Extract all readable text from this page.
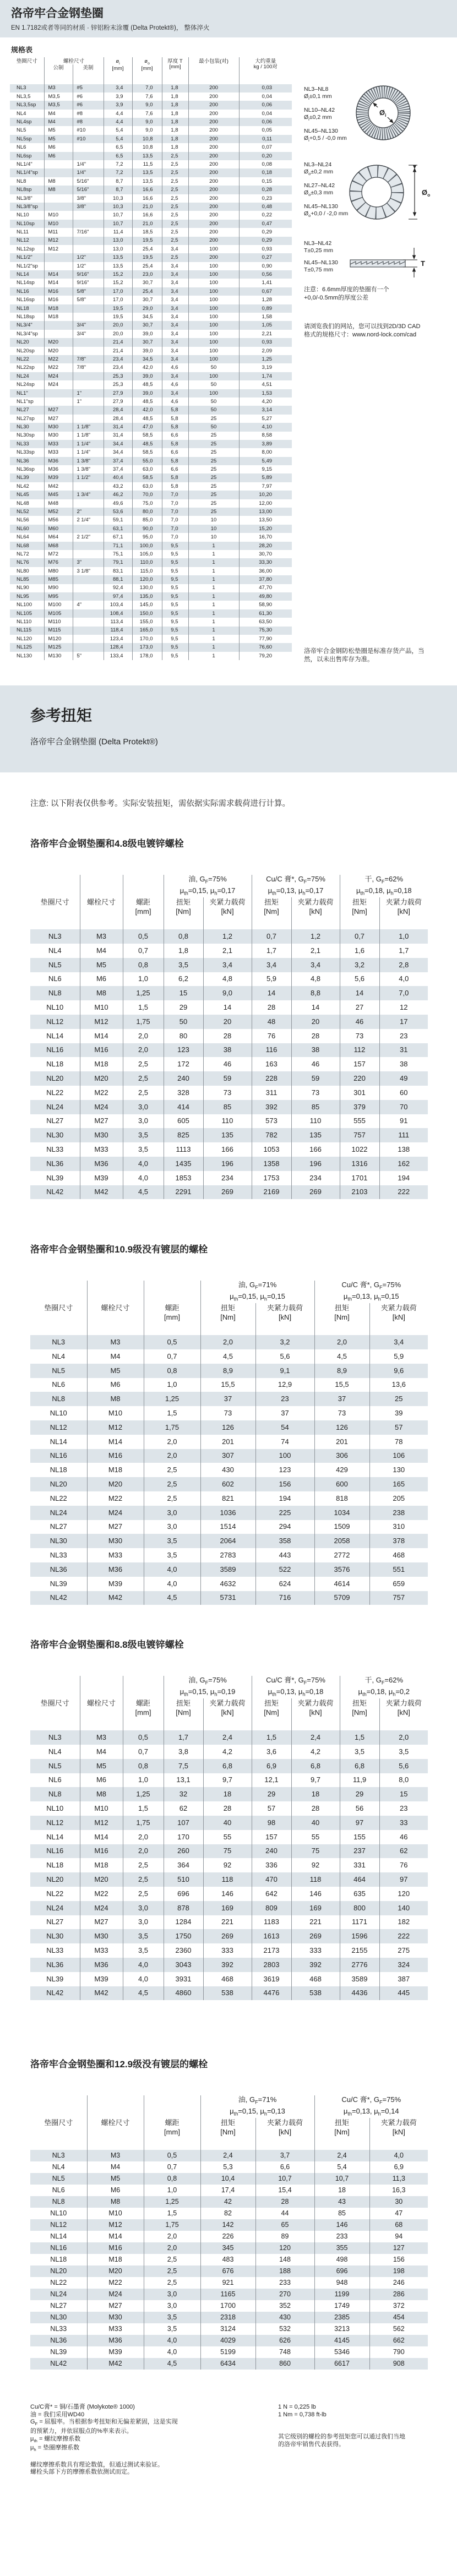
洛帝牢合金钢垫圈
EN 1.7182或者等同的材质 · 锌铝粉末涂覆 (Delta Protekt®)， 整体淬火
规格表
垫圈尺寸	螺栓尺寸	$ø_i$
[mm]

$ø_o$
[mm]

厚度 T
[mm]
	最小包装(对)	大约重量
kg / 100对

	公制	美制					
NL3	M3	#5	3,4	7,0	1,8	200	0,03
NL3,5	M3,5	#6	3,9	7,6	1,8	200	0,04
NL3,5sp	M3,5	#6	3,9	9,0	1,8	200	0,06
NL4	M4	#8	4,4	7,6	1,8	200	0,04
NL4sp	M4	#8	4,4	9,0	1,8	200	0,06
NL5	M5	#10	5,4	9,0	1,8	200	0,05
NL5sp	M5	#10	5,4	10,8	1,8	200	0,11
NL6	M6		6,5	10,8	1,8	200	0,07
NL6sp	M6		6,5	13,5	2,5	200	0,20
NL1/4"		1/4"	7,2	11,5	2,5	200	0,08
NL1/4"sp		1/4"	7,2	13,5	2,5	200	0,18
NL8	M8	5/16"	8,7	13,5	2,5	200	0,15
NL8sp	M8	5/16"	8,7	16,6	2,5	200	0,28
NL3/8"		3/8"	10,3	16,6	2,5	200	0,23
NL3/8"sp		3/8"	10,3	21,0	2,5	200	0,48
NL10	M10		10,7	16,6	2,5	200	0,22
NL10sp	M10		10,7	21,0	2,5	200	0,47
NL11	M11	7/16"	11,4	18,5	2,5	200	0,29
NL12	M12		13,0	19,5	2,5	200	0,29
NL12sp	M12		13,0	25,4	3,4	100	0,93
NL1/2"		1/2"	13,5	19,5	2,5	200	0,27
NL1/2"sp		1/2"	13,5	25,4	3,4	100	0,90
NL14	M14	9/16"	15,2	23,0	3,4	100	0,56
NL14sp	M14	9/16"	15,2	30,7	3,4	100	1,41
NL16	M16	5/8"	17,0	25,4	3,4	100	0,67
NL16sp	M16	5/8"	17,0	30,7	3,4	100	1,28
NL18	M18		19,5	29,0	3,4	100	0,89
NL18sp	M18		19,5	34,5	3,4	100	1,58
NL3/4"		3/4"	20,0	30,7	3,4	100	1,05
NL3/4"sp		3/4"	20,0	39,0	3,4	100	2,21
NL20	M20		21,4	30,7	3,4	100	0,93
NL20sp	M20		21,4	39,0	3,4	100	2,09
NL22	M22	7/8"	23,4	34,5	3,4	100	1,25
NL22sp	M22	7/8"	23,4	42,0	4,6	50	3,19
NL24	M24		25,3	39,0	3,4	100	1,74
NL24sp	M24		25,3	48,5	4,6	50	4,51
NL1"		1"	27,9	39,0	3,4	100	1,53
NL1"sp		1"	27,9	48,5	4,6	50	4,20
NL27	M27		28,4	42,0	5,8	50	3,14
NL27sp	M27		28,4	48,5	5,8	25	5,27
NL30	M30	1 1/8"	31,4	47,0	5,8	50	4,10
NL30sp	M30	1 1/8"	31,4	58,5	6,6	25	8,58
NL33	M33	1 1/4"	34,4	48,5	5,8	25	3,89
NL33sp	M33	1 1/4"	34,4	58,5	6,6	25	8,00
NL36	M36	1 3/8"	37,4	55,0	5,8	25	5,49
NL36sp	M36	1 3/8"	37,4	63,0	6,6	25	9,15
NL39	M39	1 1/2"	40,4	58,5	5,8	25	5,89
NL42	M42		43,2	63,0	5,8	25	7,97
NL45	M45	1 3/4"	46,2	70,0	7,0	25	10,20
NL48	M48		49,6	75,0	7,0	25	12,00
NL52	M52	2"	53,6	80,0	7,0	25	13,00
NL56	M56	2 1/4"	59,1	85,0	7,0	10	13,50
NL60	M60		63,1	90,0	7,0	10	15,20
NL64	M64	2 1/2"	67,1	95,0	7,0	10	16,70
NL68	M68		71,1	100,0	9,5	1	28,20
NL72	M72		75,1	105,0	9,5	1	30,70
NL76	M76	3"	79,1	110,0	9,5	1	33,30
NL80	M80	3 1/8"	83,1	115,0	9,5	1	36,00
NL85	M85		88,1	120,0	9,5	1	37,80
NL90	M90		92,4	130,0	9,5	1	47,70
NL95	M95		97,4	135,0	9,5	1	49,80
NL100	M100	4"	103,4	145,0	9,5	1	58,90
NL105	M105		108,4	150,0	9,5	1	61,30
NL110	M110		113,4	155,0	9,5	1	63,50
NL115	M115		118,4	165,0	9,5	1	75,30
NL120	M120		123,4	170,0	9,5	1	77,90
NL125	M125		128,4	173,0	9,5	1	76,60
NL130	M130	5"	133,4	178,0	9,5	1	79,20
NL3–NL8
$Ø_i\pm 0,1$ mm
NL10–NL42
$Ø_i\pm 0,2$ mm
NL45–NL130
$Ø_i+0,5 / -0,0$ mm
$Ø_i$
NL3–NL24
$Ø_o\pm 0,2$ mm
NL27–NL42
$Ø_o\pm 0,3$ mm
NL45–NL130
$Ø_o+0,0 / -2,0$ mm
$Ø_o$
NL3–NL42
T±0,25 mm
NL45–NL130
T±0,75 mm
T
注意：6.6mm厚度的垫圈有一个
+0,0/-0.5mm的厚度公差
请浏览我们的网站，您可以找到2D/3D CAD
格式的规格尺寸：www.nord-lock.com/cad
洛帝牢合金钢防松垫圈是标准存货产品，当
然，以未出售库存为准。
参考扭矩
洛帝牢合金钢垫圈 (Delta Protekt®)
注意: 以下附表仅供参考。实际安装扭矩，需依据实际需求载荷进行计算。
洛帝牢合金钢垫圈和4.8级电镀锌螺栓

油, $G_F=75\%$
$\mu_{th}=0,15$, $\mu_h=0,17$

Cu/C 膏*, $G_F=75\%$
$\mu_{th}=0,13$, $\mu_h=0,17$

干, $G_F=62\%$
$\mu_{th}=0,18$, $\mu_h=0,18$

垫圈尺寸	螺栓尺寸	螺距
[mm]

扭矩
[Nm]

夹紧力载荷
[kN]

扭矩
[Nm]

夹紧力载荷
[kN]

扭矩
[Nm]

夹紧力载荷
[kN]

NL3	M3	0,5	0,8	1,2	0,7	1,2	0,7	1,0
NL4	M4	0,7	1,8	2,1	1,7	2,1	1,6	1,7
NL5	M5	0,8	3,5	3,4	3,4	3,4	3,2	2,8
NL6	M6	1,0	6,2	4,8	5,9	4,8	5,6	4,0
NL8	M8	1,25	15	9,0	14	8,8	14	7,0
NL10	M10	1,5	29	14	28	14	27	12
NL12	M12	1,75	50	20	48	20	46	17
NL14	M14	2,0	80	28	76	28	73	23
NL16	M16	2,0	123	38	116	38	112	31
NL18	M18	2,5	172	46	163	46	157	38
NL20	M20	2,5	240	59	228	59	220	49
NL22	M22	2,5	328	73	311	73	301	60
NL24	M24	3,0	414	85	392	85	379	70
NL27	M27	3,0	605	110	573	110	555	91
NL30	M30	3,5	825	135	782	135	757	111
NL33	M33	3,5	1113	166	1053	166	1022	138
NL36	M36	4,0	1435	196	1358	196	1316	162
NL39	M39	4,0	1853	234	1753	234	1701	194
NL42	M42	4,5	2291	269	2169	269	2103	222
洛帝牢合金钢垫圈和10.9级没有镀层的螺栓

油, $G_F=71\%$
$\mu_{th}=0,15$, $\mu_h=0,15$

Cu/C 膏*, $G_F=75\%$
$\mu_{th}=0,13$, $\mu_h=0,15$

垫圈尺寸	螺栓尺寸	螺距
[mm]

扭矩
[Nm]

夹紧力载荷
[kN]

扭矩
[Nm]

夹紧力载荷
[kN]

NL3	M3	0,5	2,0	3,2	2,0	3,4
NL4	M4	0,7	4,5	5,6	4,5	5,9
NL5	M5	0,8	8,9	9,1	8,9	9,6
NL6	M6	1,0	15,5	12,9	15,5	13,6
NL8	M8	1,25	37	23	37	25
NL10	M10	1,5	73	37	73	39
NL12	M12	1,75	126	54	126	57
NL14	M14	2,0	201	74	201	78
NL16	M16	2,0	307	100	306	106
NL18	M18	2,5	430	123	429	130
NL20	M20	2,5	602	156	600	165
NL22	M22	2,5	821	194	818	205
NL24	M24	3,0	1036	225	1034	238
NL27	M27	3,0	1514	294	1509	310
NL30	M30	3,5	2064	358	2058	378
NL33	M33	3,5	2783	443	2772	468
NL36	M36	4,0	3589	522	3576	551
NL39	M39	4,0	4632	624	4614	659
NL42	M42	4,5	5731	716	5709	757
洛帝牢合金钢垫圈和8.8级电镀锌螺栓

油, $G_F=75\%$
$\mu_{th}=0,15$, $\mu_h=0,19$

Cu/C 膏*, $G_F=75\%$
$\mu_{th}=0,13$, $\mu_h=0,18$

干, $G_F=62\%$
$\mu_{th}=0,18$, $\mu_h=0,2$

垫圈尺寸	螺栓尺寸	螺距
[mm]

扭矩
[Nm]

夹紧力载荷
[kN]

扭矩
[Nm]

夹紧力载荷
[kN]

扭矩
[Nm]

夹紧力载荷
[kN]

NL3	M3	0,5	1,7	2,4	1,5	2,4	1,5	2,0
NL4	M4	0,7	3,8	4,2	3,6	4,2	3,5	3,5
NL5	M5	0,8	7,5	6,8	6,9	6,8	6,8	5,6
NL6	M6	1,0	13,1	9,7	12,1	9,7	11,9	8,0
NL8	M8	1,25	32	18	29	18	29	15
NL10	M10	1,5	62	28	57	28	56	23
NL12	M12	1,75	107	40	98	40	97	33
NL14	M14	2,0	170	55	157	55	155	46
NL16	M16	2,0	260	75	240	75	237	62
NL18	M18	2,5	364	92	336	92	331	76
NL20	M20	2,5	510	118	470	118	464	97
NL22	M22	2,5	696	146	642	146	635	120
NL24	M24	3,0	878	169	809	169	800	140
NL27	M27	3,0	1284	221	1183	221	1171	182
NL30	M30	3,5	1750	269	1613	269	1596	222
NL33	M33	3,5	2360	333	2173	333	2155	275
NL36	M36	4,0	3043	392	2803	392	2776	324
NL39	M39	4,0	3931	468	3619	468	3589	387
NL42	M42	4,5	4860	538	4476	538	4436	445
洛帝牢合金钢垫圈和12.9级没有镀层的螺栓

油, $G_F=71\%$
$\mu_{th}=0,15$, $\mu_h=0,13$

Cu/C 膏*, $G_F=75\%$
$\mu_{th}=0,13$, $\mu_h=0,14$

垫圈尺寸	螺栓尺寸	螺距
[mm]

扭矩
[Nm]

夹紧力载荷
[kN]

扭矩
[Nm]

夹紧力载荷
[kN]

NL3	M3	0,5	2,4	3,7	2,4	4,0
NL4	M4	0,7	5,3	6,6	5,4	6,9
NL5	M5	0,8	10,4	10,7	10,7	11,3
NL6	M6	1,0	17,4	15,4	18	16,3
NL8	M8	1,25	42	28	43	30
NL10	M10	1,5	82	44	85	47
NL12	M12	1,75	142	65	146	68
NL14	M14	2,0	226	89	233	94
NL16	M16	2,0	345	120	355	127
NL18	M18	2,5	483	148	498	156
NL20	M20	2,5	676	188	696	198
NL22	M22	2,5	921	233	948	246
NL24	M24	3,0	1165	270	1199	286
NL27	M27	3,0	1700	352	1749	372
NL30	M30	3,5	2318	430	2385	454
NL33	M33	3,5	3124	532	3213	562
NL36	M36	4,0	4029	626	4145	662
NL39	M39	4,0	5199	748	5346	790
NL42	M42	4,5	6434	860	6617	908
Cu/C膏* = 铜/石墨膏 (Molykote® 1000)
油 = 我们采用WD40
$G_F$ = 屈服率。当根据参考扭矩和无偏差紧固，这是实现
的预紧力，并依屈服点的%率来表示。
$\mu_{th}$ = 螺纹摩擦系数
$\mu_h$ = 垫圈摩擦系数

螺纹摩擦系数具有理论数值，但通过测试来验证。
螺栓头部下方的摩擦系数依测试而定。
1 N = 0,225 lb
1 Nm = 0,738 ft-lb

其它级别的螺栓的参考扭矩您可以通过我们当地
的洛帝牢销售代表获得。
